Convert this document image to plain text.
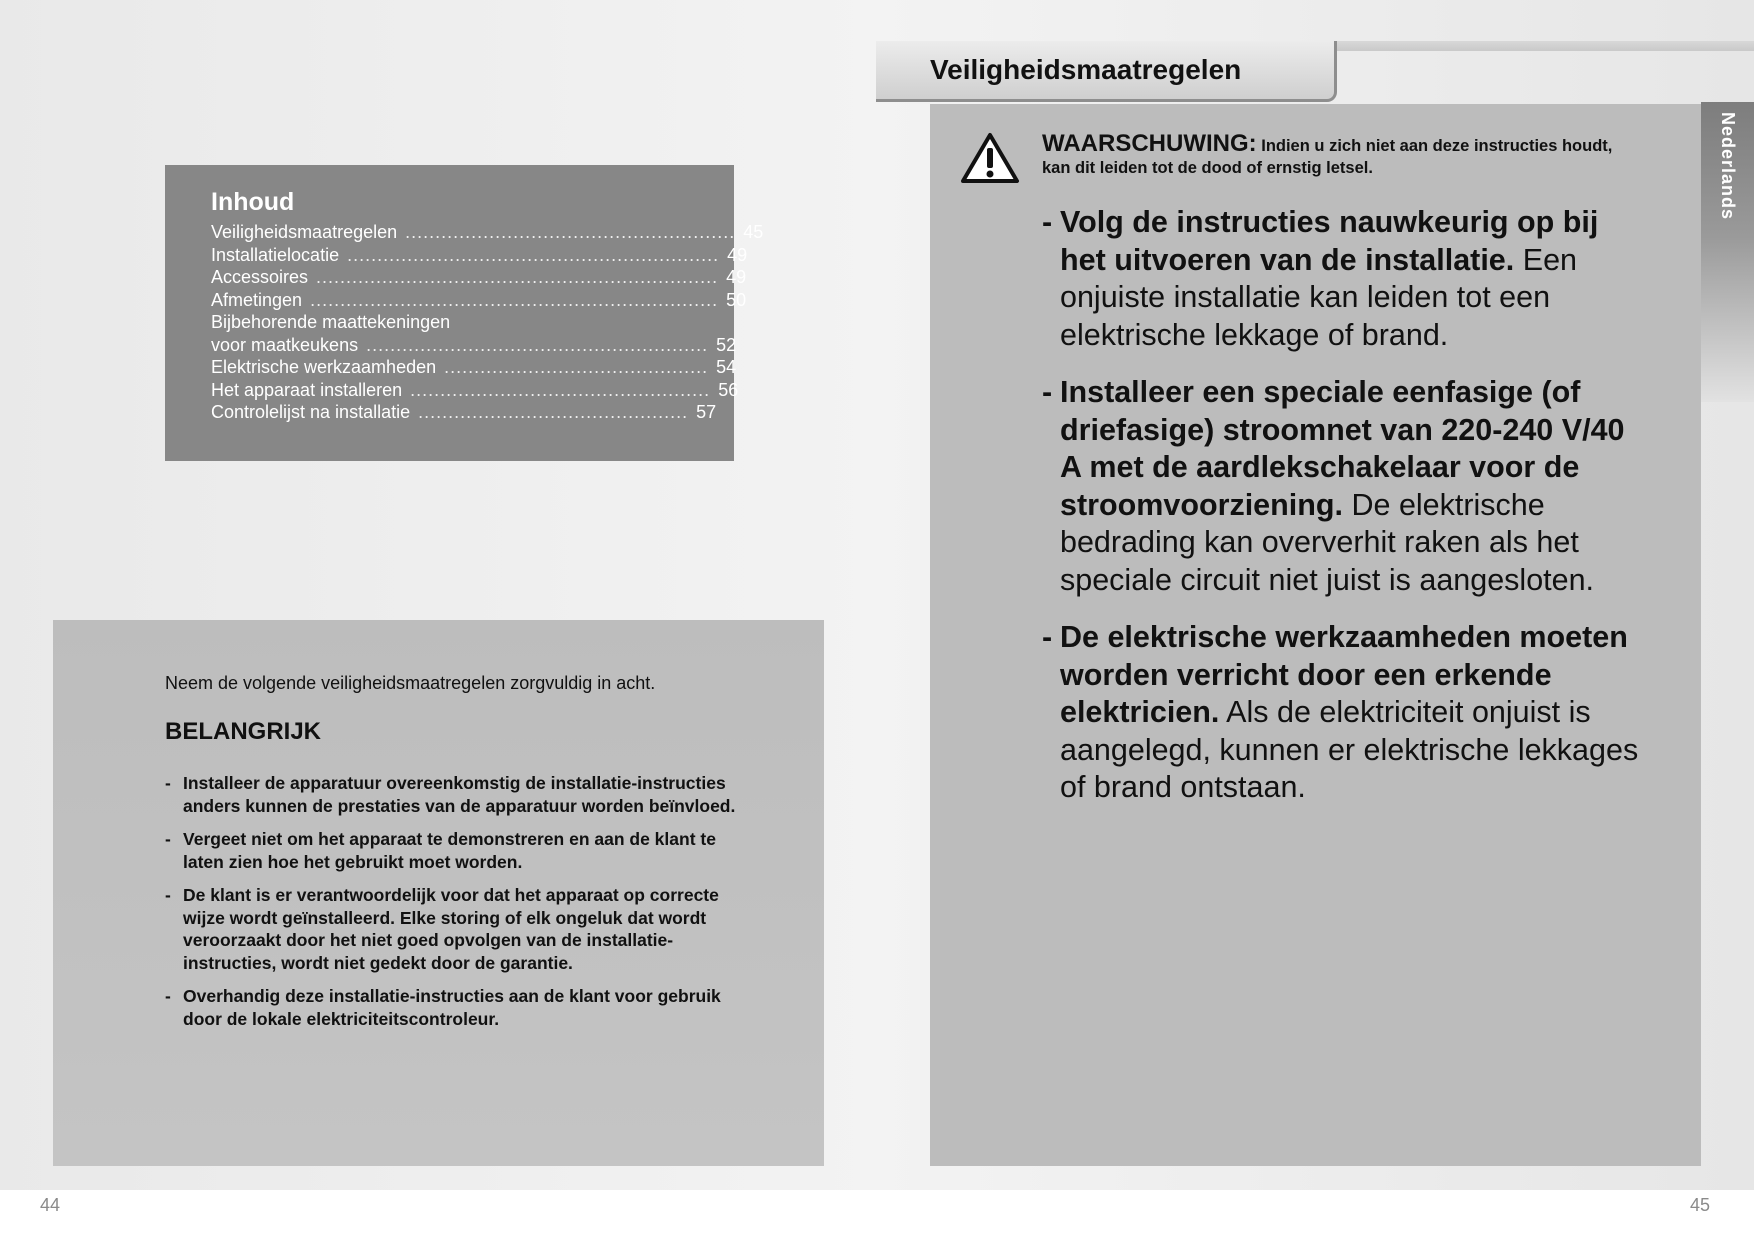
Inhoud
Veiligheidsmaatregelen ....................................................... 45
Installatielocatie .............................................................. 49
Accessoires ................................................................... 49
Afmetingen .................................................................... 50
Bijbehorende maattekeningen
voor maatkeukens ......................................................... 52
Elektrische werkzaamheden ............................................ 54
Het apparaat installeren .................................................. 56
Controlelijst na installatie ............................................. 57

Neem de volgende veiligheidsmaatregelen zorgvuldig in acht.

BELANGRIJK
- Installeer de apparatuur overeenkomstig de installatie-instructies anders kunnen de prestaties van de apparatuur worden beïnvloed.
- Vergeet niet om het apparaat te demonstreren en aan de klant te laten zien hoe het gebruikt moet worden.
- De klant is er verantwoordelijk voor dat het apparaat op correcte wijze wordt geïnstalleerd. Elke storing of elk ongeluk dat wordt veroorzaakt door het niet goed opvolgen van de installatie-instructies, wordt niet gedekt door de garantie.
- Overhandig deze installatie-instructies aan de klant voor gebruik door de lokale elektriciteitscontroleur.
Veiligheidsmaatregelen
Nederlands
WAARSCHUWING: Indien u zich niet aan deze instructies houdt, kan dit leiden tot de dood of ernstig letsel.
- Volg de instructies nauwkeurig op bij het uitvoeren van de installatie. Een onjuiste installatie kan leiden tot een elektrische lekkage of brand.
- Installeer een speciale eenfasige (of driefasige) stroomnet van 220-240 V/40 A met de aardlekschakelaar voor de stroomvoorziening. De elektrische bedrading kan oververhit raken als het speciale circuit niet juist is aangesloten.
- De elektrische werkzaamheden moeten worden verricht door een erkende elektricien. Als de elektriciteit onjuist is aangelegd, kunnen er elektrische lekkages of brand ontstaan.
44	45
